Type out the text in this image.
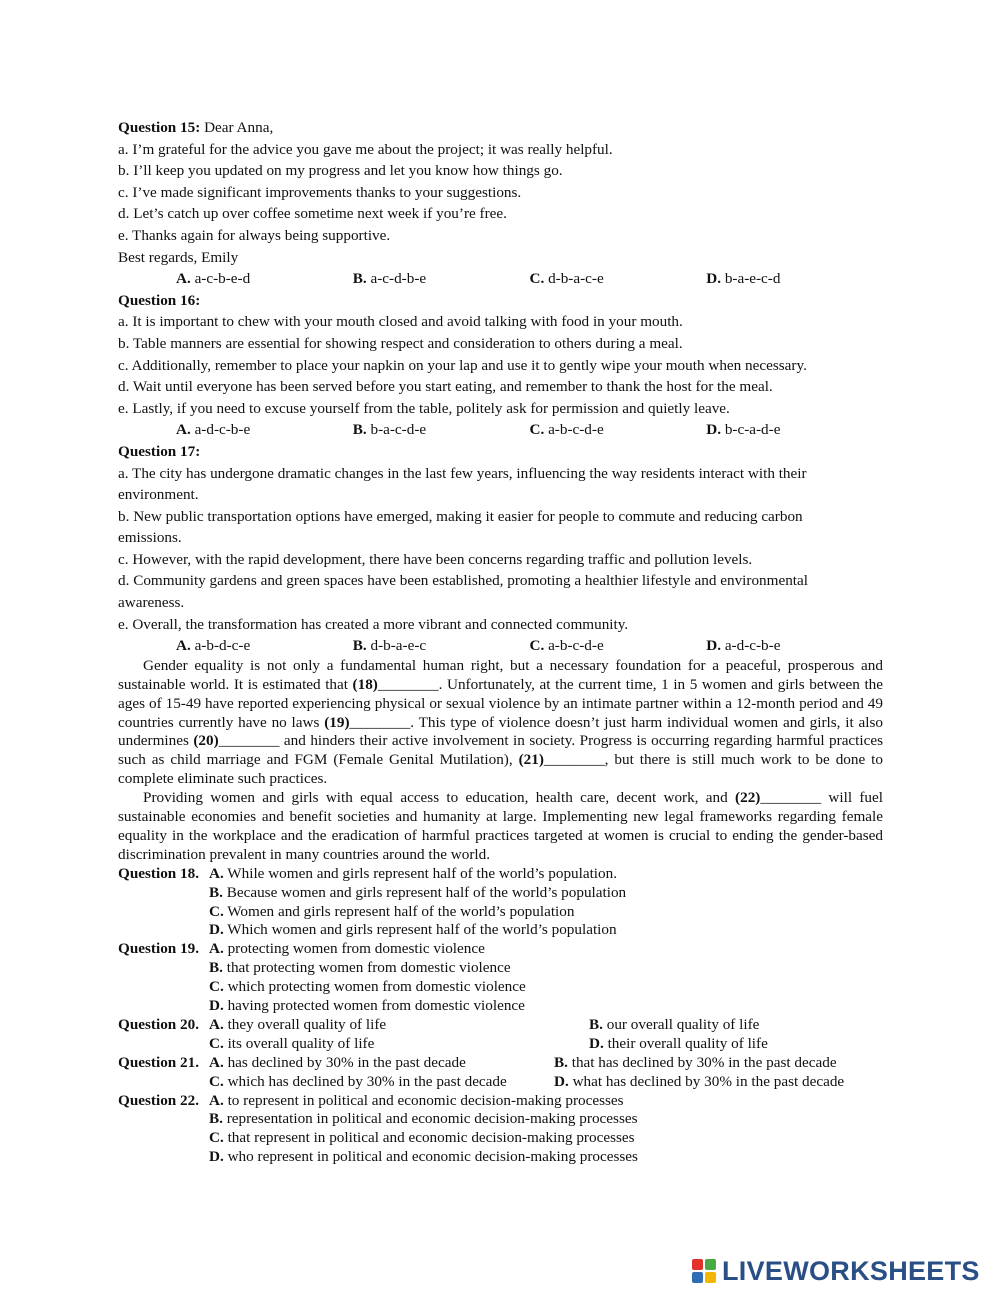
Question 15: Dear Anna,
a. I’m grateful for the advice you gave me about the project; it was really helpful.
b. I’ll keep you updated on my progress and let you know how things go.
c. I’ve made significant improvements thanks to your suggestions.
d. Let’s catch up over coffee sometime next week if you’re free.
e. Thanks again for always being supportive.
Best regards, Emily
A. a-c-b-e-d	B. a-c-d-b-e	C. d-b-a-c-e	D. b-a-e-c-d
Question 16:
a. It is important to chew with your mouth closed and avoid talking with food in your mouth.
b. Table manners are essential for showing respect and consideration to others during a meal.
c. Additionally, remember to place your napkin on your lap and use it to gently wipe your mouth when necessary.
d. Wait until everyone has been served before you start eating, and remember to thank the host for the meal.
e. Lastly, if you need to excuse yourself from the table, politely ask for permission and quietly leave.
A. a-d-c-b-e	B. b-a-c-d-e	C. a-b-c-d-e	D. b-c-a-d-e
Question 17:
a. The city has undergone dramatic changes in the last few years, influencing the way residents interact with their
environment.
b. New public transportation options have emerged, making it easier for people to commute and reducing carbon
emissions.
c. However, with the rapid development, there have been concerns regarding traffic and pollution levels.
d. Community gardens and green spaces have been established, promoting a healthier lifestyle and environmental
awareness.
e. Overall, the transformation has created a more vibrant and connected community.
A. a-b-d-c-e	B. d-b-a-e-c	C. a-b-c-d-e	D. a-d-c-b-e

Gender equality is not only a fundamental human right, but a necessary foundation for a peaceful, prosperous and sustainable world. It is estimated that (18)________. Unfortunately, at the current time, 1 in 5 women and girls between the ages of 15-49 have reported experiencing physical or sexual violence by an intimate partner within a 12-month period and 49 countries currently have no laws (19)________. This type of violence doesn’t just harm individual women and girls, it also undermines (20)________ and hinders their active involvement in society. Progress is occurring regarding harmful practices such as child marriage and FGM (Female Genital Mutilation), (21)________, but there is still much work to be done to complete eliminate such practices.

Providing women and girls with equal access to education, health care, decent work, and (22)________ will fuel sustainable economies and benefit societies and humanity at large. Implementing new legal frameworks regarding female equality in the workplace and the eradication of harmful practices targeted at women is crucial to ending the gender-based discrimination prevalent in many countries around the world.

Question 18. A. While women and girls represent half of the world’s population.
B. Because women and girls represent half of the world’s population
C. Women and girls represent half of the world’s population
D. Which women and girls represent half of the world’s population
Question 19. A. protecting women from domestic violence
B. that protecting women from domestic violence
C. which protecting women from domestic violence
D. having protected women from domestic violence
Question 20. A. they overall quality of life	B. our overall quality of life
C. its overall quality of life	D. their overall quality of life
Question 21. A. has declined by 30% in the past decade	B. that has declined by 30% in the past decade
C. which has declined by 30% in the past decade	D. what has declined by 30% in the past decade
Question 22. A. to represent in political and economic decision-making processes
B. representation in political and economic decision-making processes
C. that represent in political and economic decision-making processes
D. who represent in political and economic decision-making processes
LIVEWORKSHEETS
